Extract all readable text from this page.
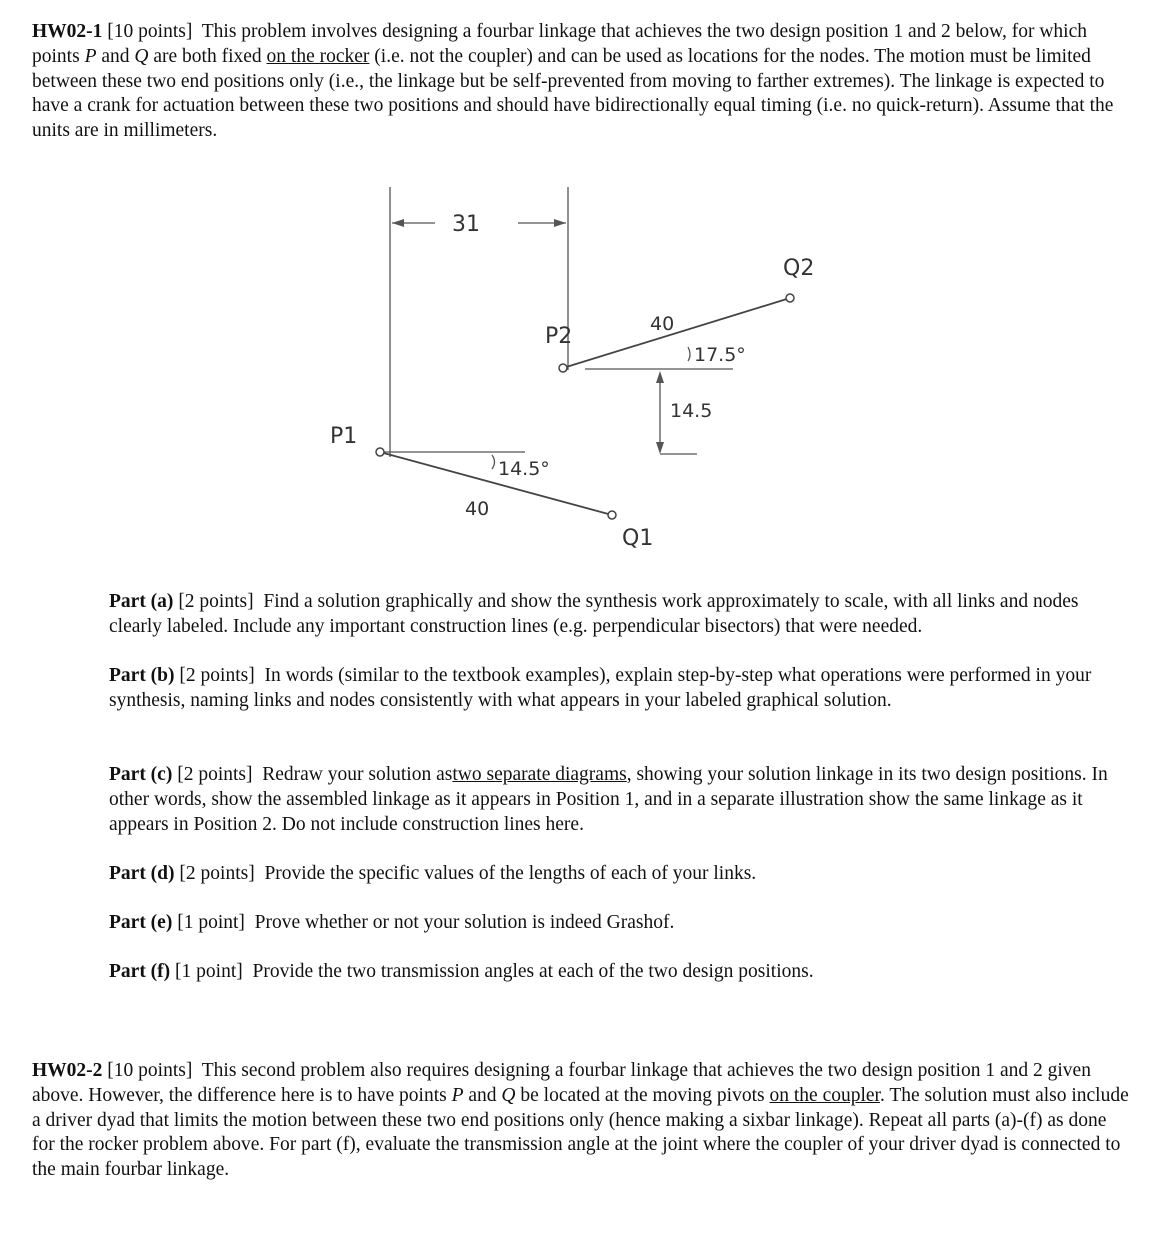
HW02-1 [10 points] This problem involves designing a fourbar linkage that achieves the two design position 1 and 2 below, for which points P and Q are both fixed on the rocker (i.e. not the coupler) and can be used as locations for the nodes. The motion must be limited between these two end positions only (i.e., the linkage but be self-prevented from moving to farther extremes). The linkage is expected to have a crank for actuation between these two positions and should have bidirectionally equal timing (i.e. no quick-return). Assume that the units are in millimeters.

31
P2
Q2
P1
Q1
40
17.5°
14.5
14.5°
40

Part (a) [2 points] Find a solution graphically and show the synthesis work approximately to scale, with all links and nodes clearly labeled. Include any important construction lines (e.g. perpendicular bisectors) that were needed.

Part (b) [2 points] In words (similar to the textbook examples), explain step-by-step what operations were performed in your synthesis, naming links and nodes consistently with what appears in your labeled graphical solution.

Part (c) [2 points] Redraw your solution astwo separate diagrams, showing your solution linkage in its two design positions. In other words, show the assembled linkage as it appears in Position 1, and in a separate illustration show the same linkage as it appears in Position 2. Do not include construction lines here.

Part (d) [2 points] Provide the specific values of the lengths of each of your links.

Part (e) [1 point] Prove whether or not your solution is indeed Grashof.

Part (f) [1 point] Provide the two transmission angles at each of the two design positions.

HW02-2 [10 points] This second problem also requires designing a fourbar linkage that achieves the two design position 1 and 2 given above. However, the difference here is to have points P and Q be located at the moving pivots on the coupler. The solution must also include a driver dyad that limits the motion between these two end positions only (hence making a sixbar linkage). Repeat all parts (a)-(f) as done for the rocker problem above. For part (f), evaluate the transmission angle at the joint where the coupler of your driver dyad is connected to the main fourbar linkage.
